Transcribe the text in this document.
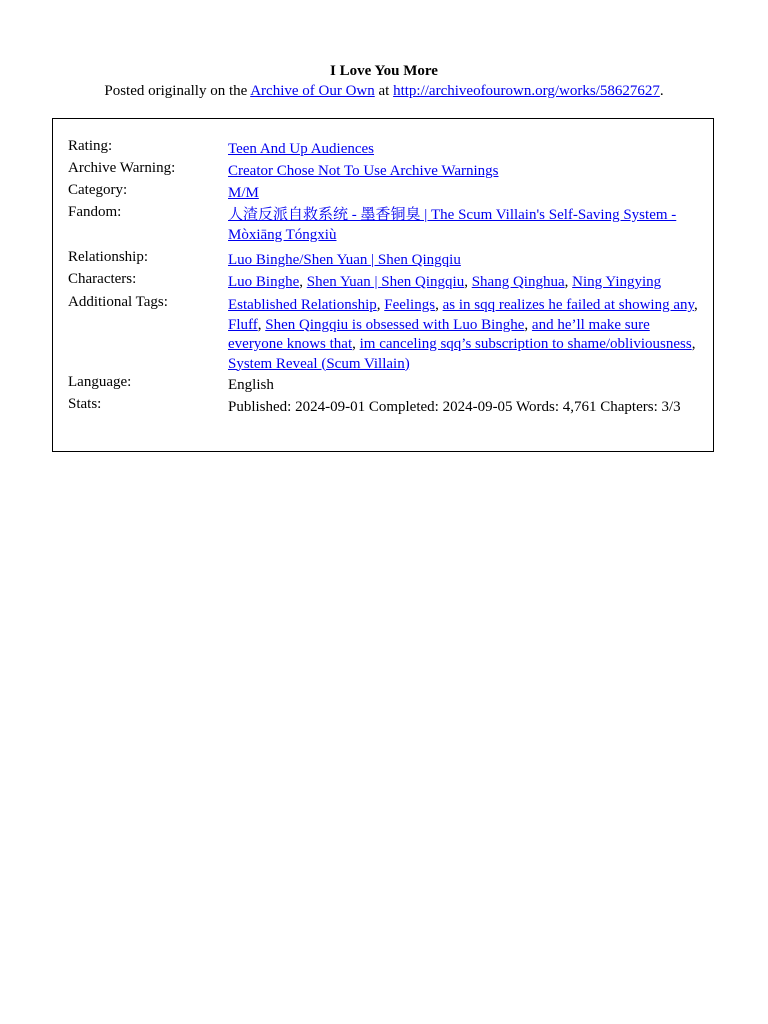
I Love You More
Posted originally on the Archive of Our Own at http://archiveofourown.org/works/58627627.
Rating:	Teen And Up Audiences
Archive Warning:	Creator Chose Not To Use Archive Warnings
Category:	M/M
Fandom:	人渣反派自救系统 - 墨香铜臭 | The Scum Villain's Self-Saving System - Mòxiāng Tóngxiù
Relationship:	Luo Binghe/Shen Yuan | Shen Qingqiu
Characters:	Luo Binghe, Shen Yuan | Shen Qingqiu, Shang Qinghua, Ning Yingying
Additional Tags:	Established Relationship, Feelings, as in sqq realizes he failed at showing any, Fluff, Shen Qingqiu is obsessed with Luo Binghe, and he’ll make sure everyone knows that, im canceling sqq’s subscription to shame/obliviousness, System Reveal (Scum Villain)
Language:	English
Stats:	Published: 2024-09-01 Completed: 2024-09-05 Words: 4,761 Chapters: 3/3
